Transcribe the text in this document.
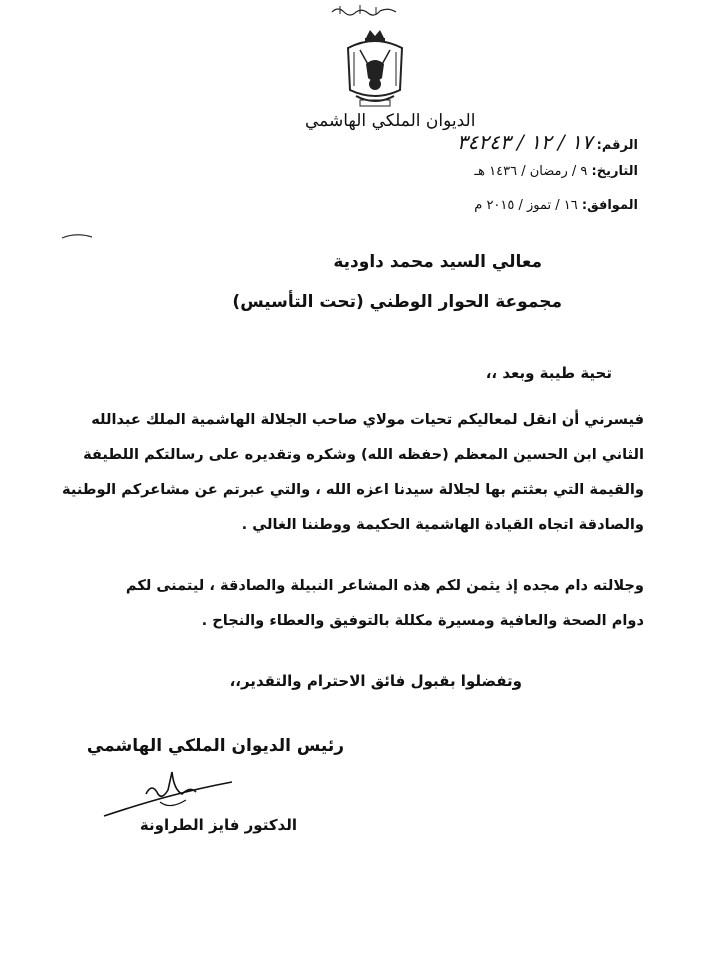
الديوان الملكي الهاشمي
الرقم: ١٧ / ١٢ / ٣٤٢٤٣
التاريخ: ٩ / رمضان / ١٤٣٦ هـ
الموافق: ١٦ / تموز / ٢٠١٥ م
معالي السيد محمد داودية
مجموعة الحوار الوطني (تحت التأسيس)
تحية طيبة وبعد ،،
فيسرني أن انقل لمعاليكم تحيات مولاي صاحب الجلالة الهاشمية الملك عبدالله
الثاني ابن الحسين المعظم (حفظه الله) وشكره وتقديره على رسالتكم اللطيفة
والقيمة التي بعثتم بها لجلالة سيدنا اعزه الله ، والتي عبرتم عن مشاعركم الوطنية
والصادقة اتجاه القيادة الهاشمية الحكيمة ووطننا الغالي .
وجلالته دام مجده إذ يثمن لكم هذه المشاعر النبيلة والصادقة ، ليتمنى لكم
دوام الصحة والعافية ومسيرة مكللة بالتوفيق والعطاء والنجاح .
وتفضلوا بقبول فائق الاحترام والتقدير،،
رئيس الديوان الملكي الهاشمي
الدكتور فايز الطراونة
